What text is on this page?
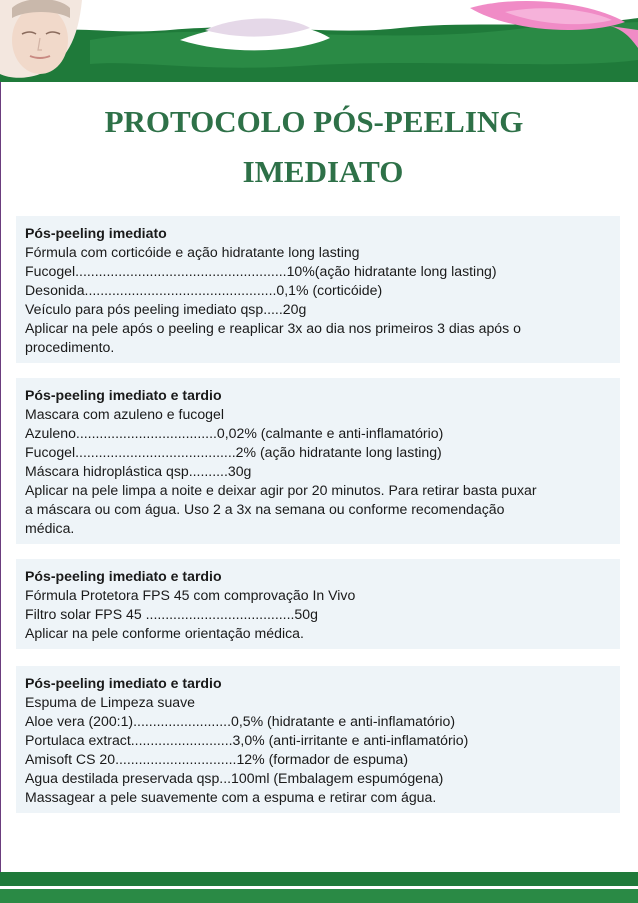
PROTOCOLO PÓS-PEELING
IMEDIATO
Pós-peeling imediato
Fórmula com corticóide e ação hidratante long lasting
Fucogel......................................................10%(ação hidratante long lasting)
Desonida.................................................0,1% (corticóide)
Veículo para pós peeling imediato qsp.....20g
Aplicar na pele após o peeling e reaplicar 3x ao dia nos primeiros 3 dias após o
procedimento.
Pós-peeling imediato e tardio
Mascara com azuleno e fucogel
Azuleno....................................0,02% (calmante e anti-inflamatório)
Fucogel.........................................2% (ação hidratante long lasting)
Máscara hidroplástica qsp..........30g
Aplicar na pele limpa a noite e deixar agir por 20 minutos. Para retirar basta puxar
a máscara ou com água. Uso 2 a 3x na semana ou conforme recomendação
médica.
Pós-peeling imediato e tardio
Fórmula Protetora FPS 45 com comprovação In Vivo
Filtro solar FPS 45 ......................................50g
Aplicar na pele conforme orientação médica.
Pós-peeling imediato e tardio
Espuma de Limpeza suave
Aloe vera (200:1).........................0,5% (hidratante e anti-inflamatório)
Portulaca extract..........................3,0% (anti-irritante e anti-inflamatório)
Amisoft CS 20...............................12% (formador de espuma)
Agua destilada preservada qsp...100ml (Embalagem espumógena)
Massagear a pele suavemente com a espuma e retirar com água.
